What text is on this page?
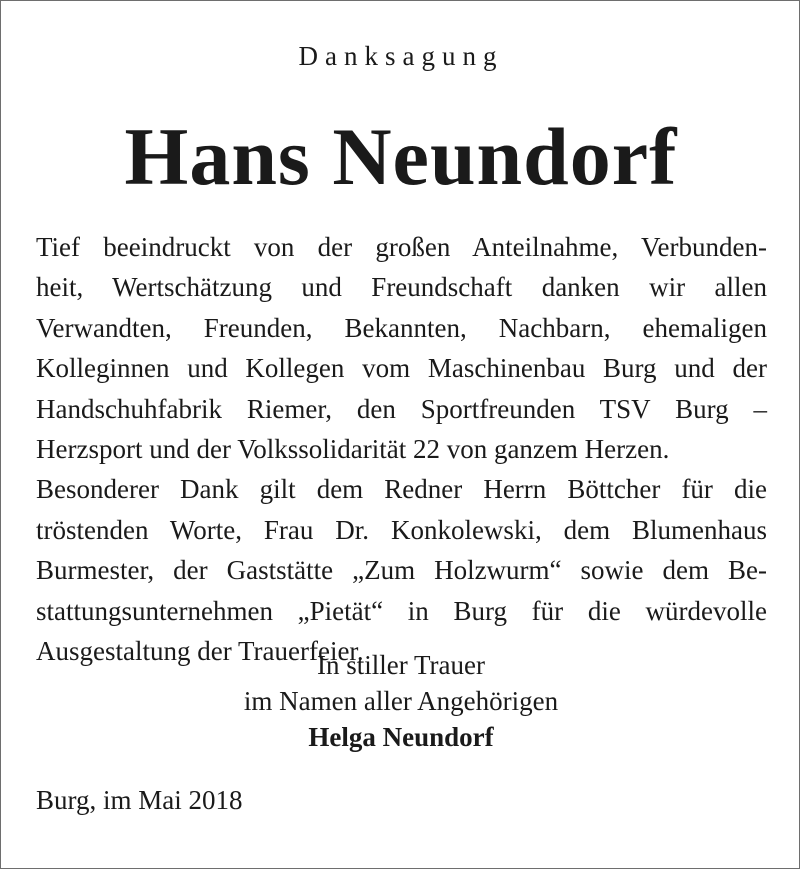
Danksagung
Hans Neundorf
Tief beeindruckt von der großen Anteilnahme, Verbunden-
heit, Wertschätzung und Freundschaft danken wir allen
Verwandten, Freunden, Bekannten, Nachbarn, ehemaligen
Kolleginnen und Kollegen vom Maschinenbau Burg und der
Handschuhfabrik Riemer, den Sportfreunden TSV Burg –
Herzsport und der Volkssolidarität 22 von ganzem Herzen.
Besonderer Dank gilt dem Redner Herrn Böttcher für die
tröstenden Worte, Frau Dr. Konkolewski, dem Blumenhaus
Burmester, der Gaststätte „Zum Holzwurm“ sowie dem Be-
stattungsunternehmen „Pietät“ in Burg für die würdevolle
Ausgestaltung der Trauerfeier.
In stiller Trauer
im Namen aller Angehörigen
Helga Neundorf
Burg, im Mai 2018
